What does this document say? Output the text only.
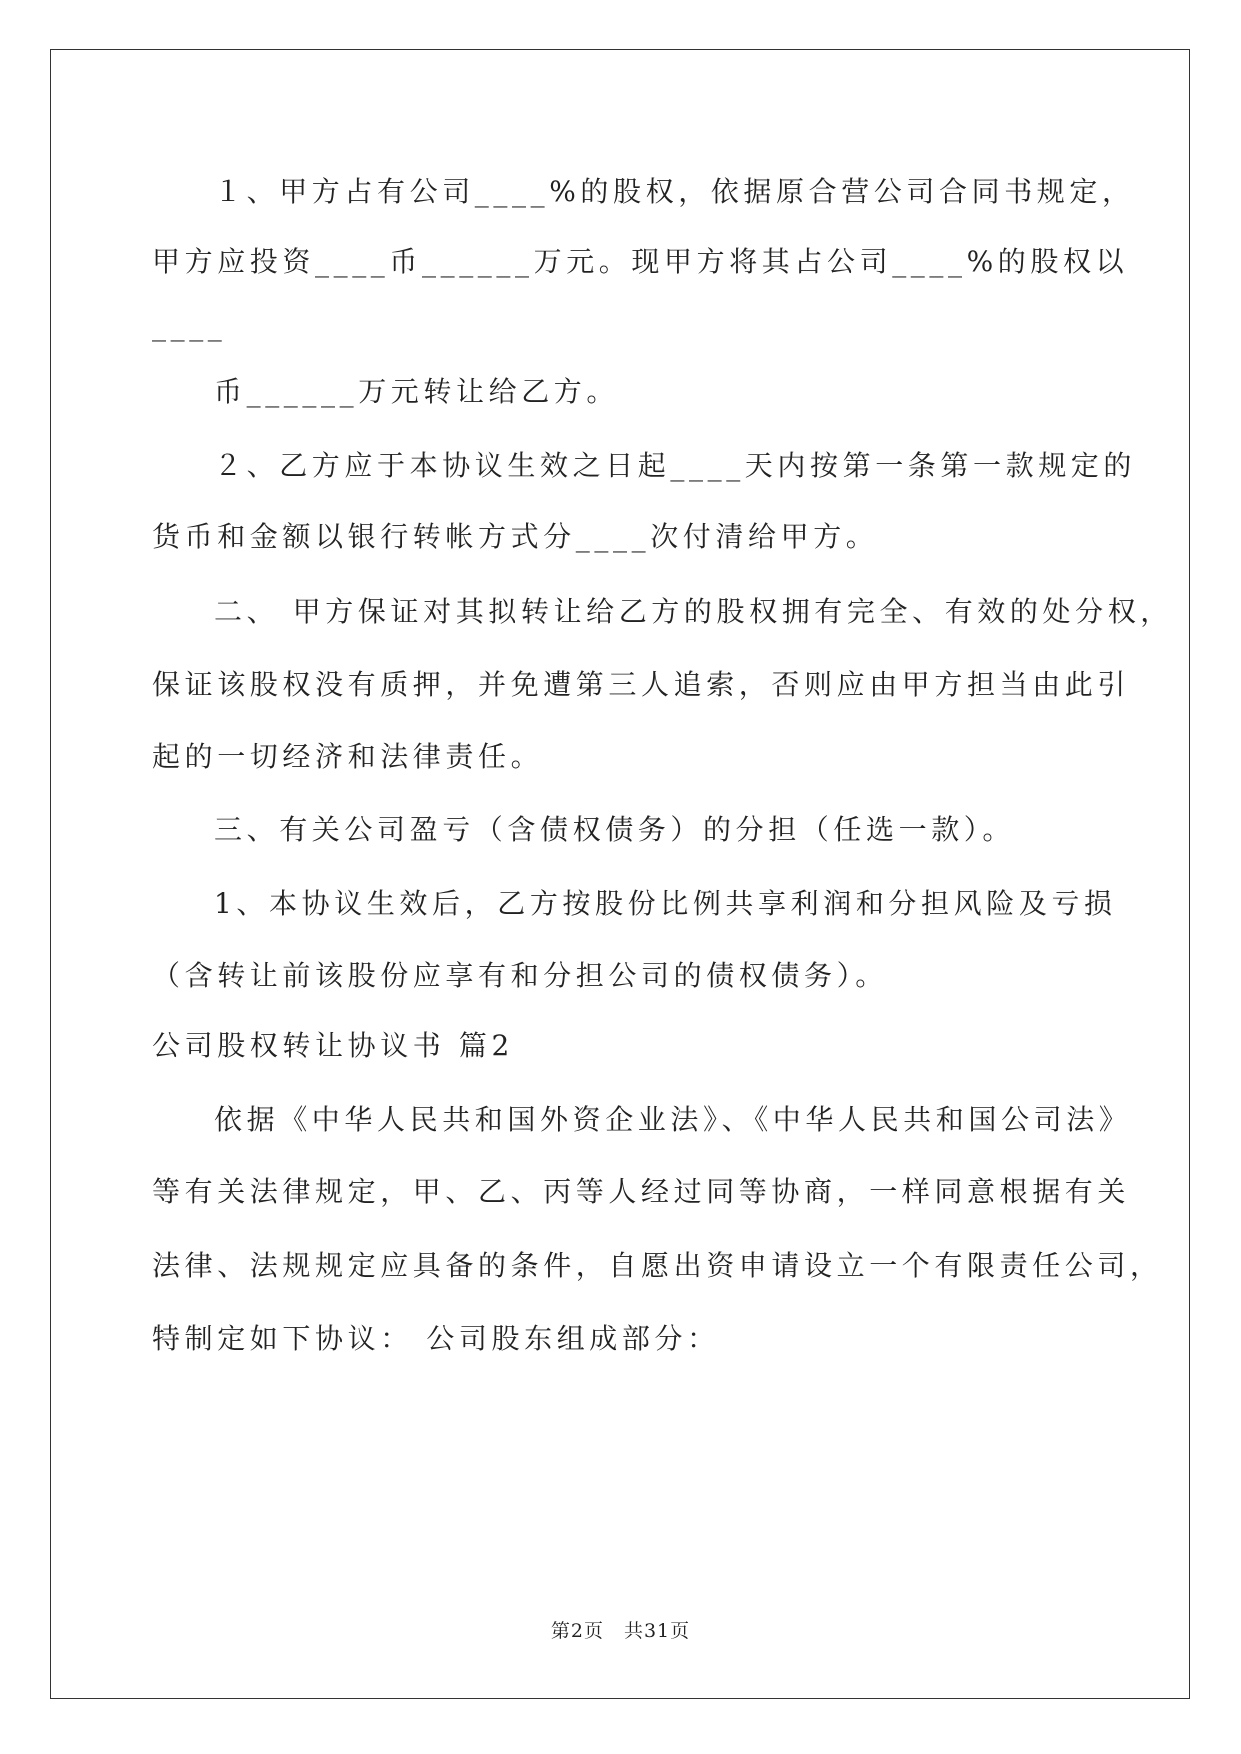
１、甲方占有公司____%的股权，依据原合营公司合同书规定，
甲方应投资____币______万元。现甲方将其占公司____%的股权以
____
币______万元转让给乙方。
２、乙方应于本协议生效之日起____天内按第一条第一款规定的
货币和金额以银行转帐方式分____次付清给甲方。
二、 甲方保证对其拟转让给乙方的股权拥有完全、有效的处分权，
保证该股权没有质押，并免遭第三人追索，否则应由甲方担当由此引
起的一切经济和法律责任。
三、有关公司盈亏（含债权债务）的分担（任选一款）。
1、本协议生效后，乙方按股份比例共享利润和分担风险及亏损
（含转让前该股份应享有和分担公司的债权债务）。
公司股权转让协议书 篇2
依据《中华人民共和国外资企业法》、《中华人民共和国公司法》
等有关法律规定，甲、乙、丙等人经过同等协商，一样同意根据有关
法律、法规规定应具备的条件，自愿出资申请设立一个有限责任公司，
特制定如下协议： 公司股东组成部分：
第2页　共31页
